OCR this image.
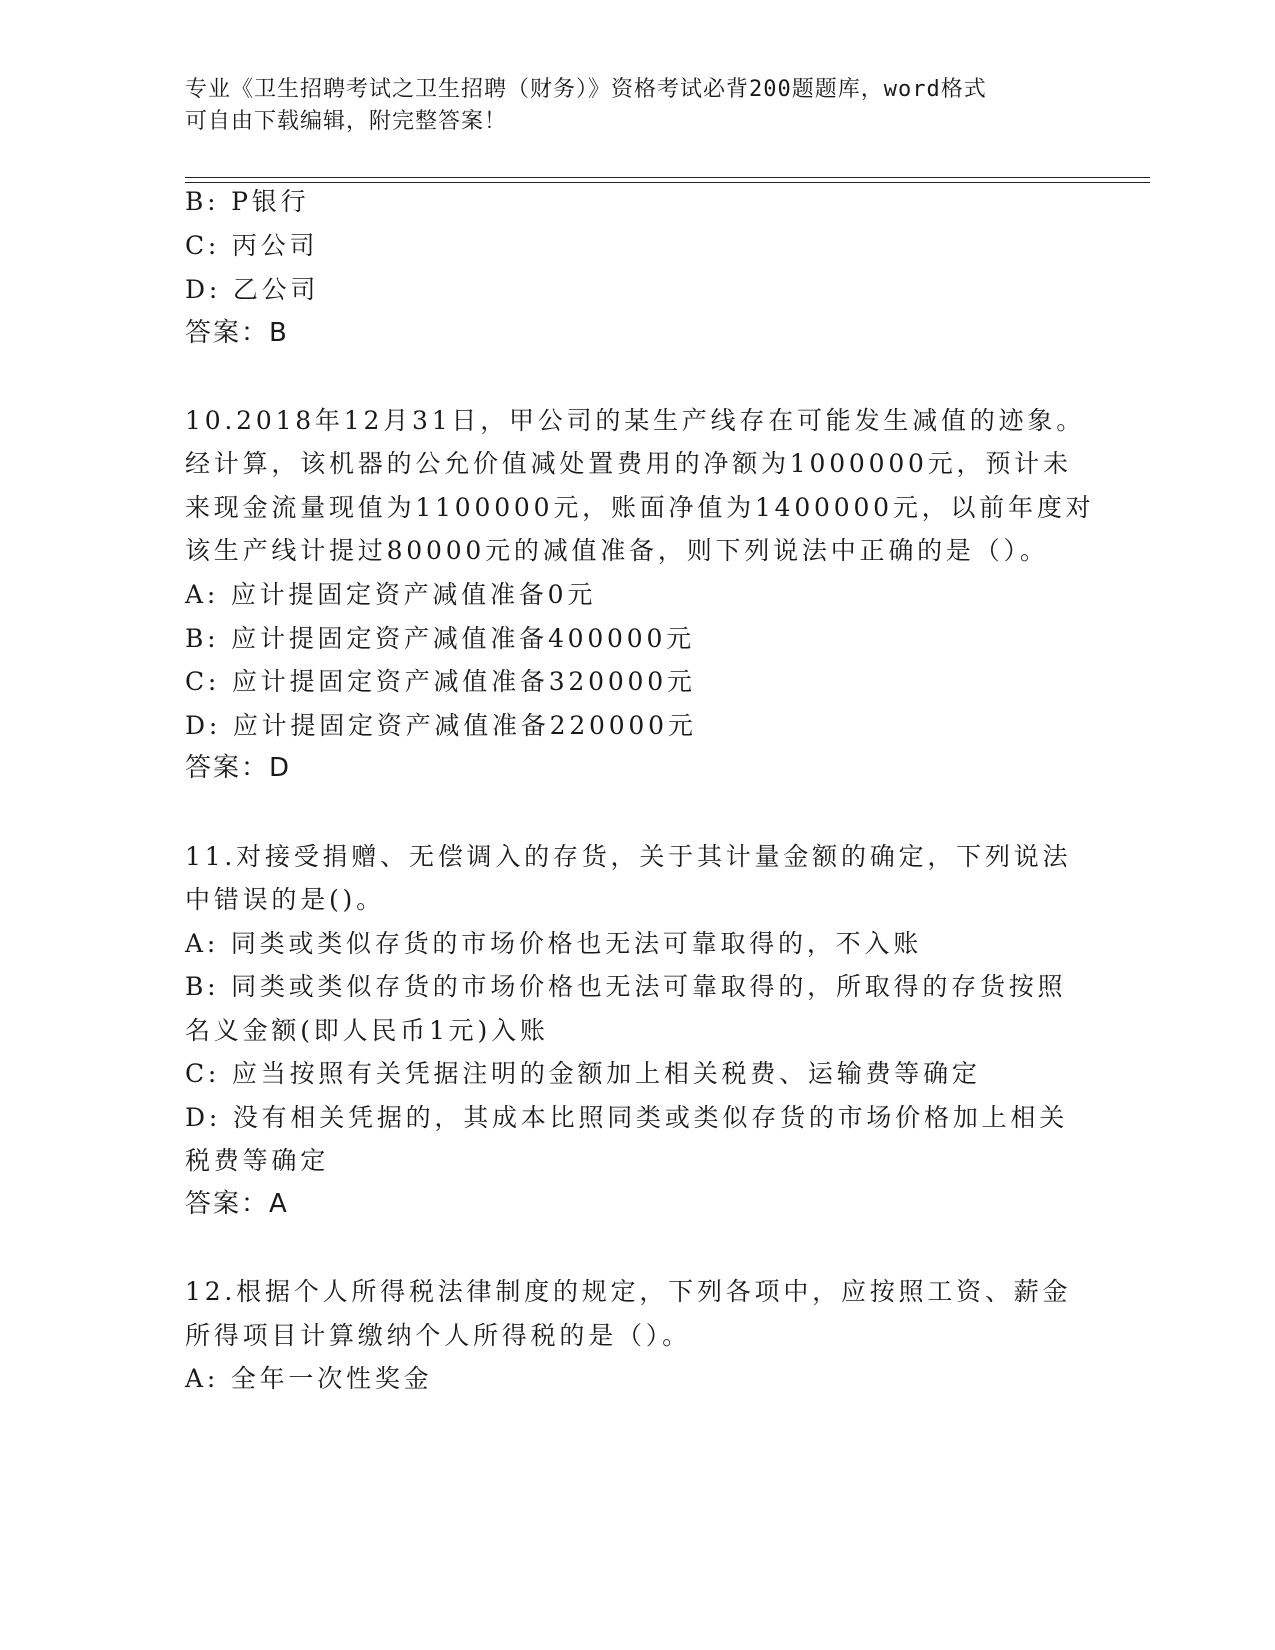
专业《卫生招聘考试之卫生招聘（财务）》资格考试必背200题题库，word格式
可自由下载编辑，附完整答案！
B: P银行
C: 丙公司
D: 乙公司
答案：B
10.2018年12月31日，甲公司的某生产线存在可能发生减值的迹象。
经计算，该机器的公允价值减处置费用的净额为1000000元，预计未
来现金流量现值为1100000元，账面净值为1400000元，以前年度对
该生产线计提过80000元的减值准备，则下列说法中正确的是（）。
A: 应计提固定资产减值准备0元
B: 应计提固定资产减值准备400000元
C: 应计提固定资产减值准备320000元
D: 应计提固定资产减值准备220000元
答案：D
11.对接受捐赠、无偿调入的存货，关于其计量金额的确定，下列说法
中错误的是()。
A: 同类或类似存货的市场价格也无法可靠取得的，不入账
B: 同类或类似存货的市场价格也无法可靠取得的，所取得的存货按照
名义金额(即人民币1元)入账
C: 应当按照有关凭据注明的金额加上相关税费、运输费等确定
D: 没有相关凭据的，其成本比照同类或类似存货的市场价格加上相关
税费等确定
答案：A
12.根据个人所得税法律制度的规定，下列各项中，应按照工资、薪金
所得项目计算缴纳个人所得税的是（）。
A: 全年一次性奖金
